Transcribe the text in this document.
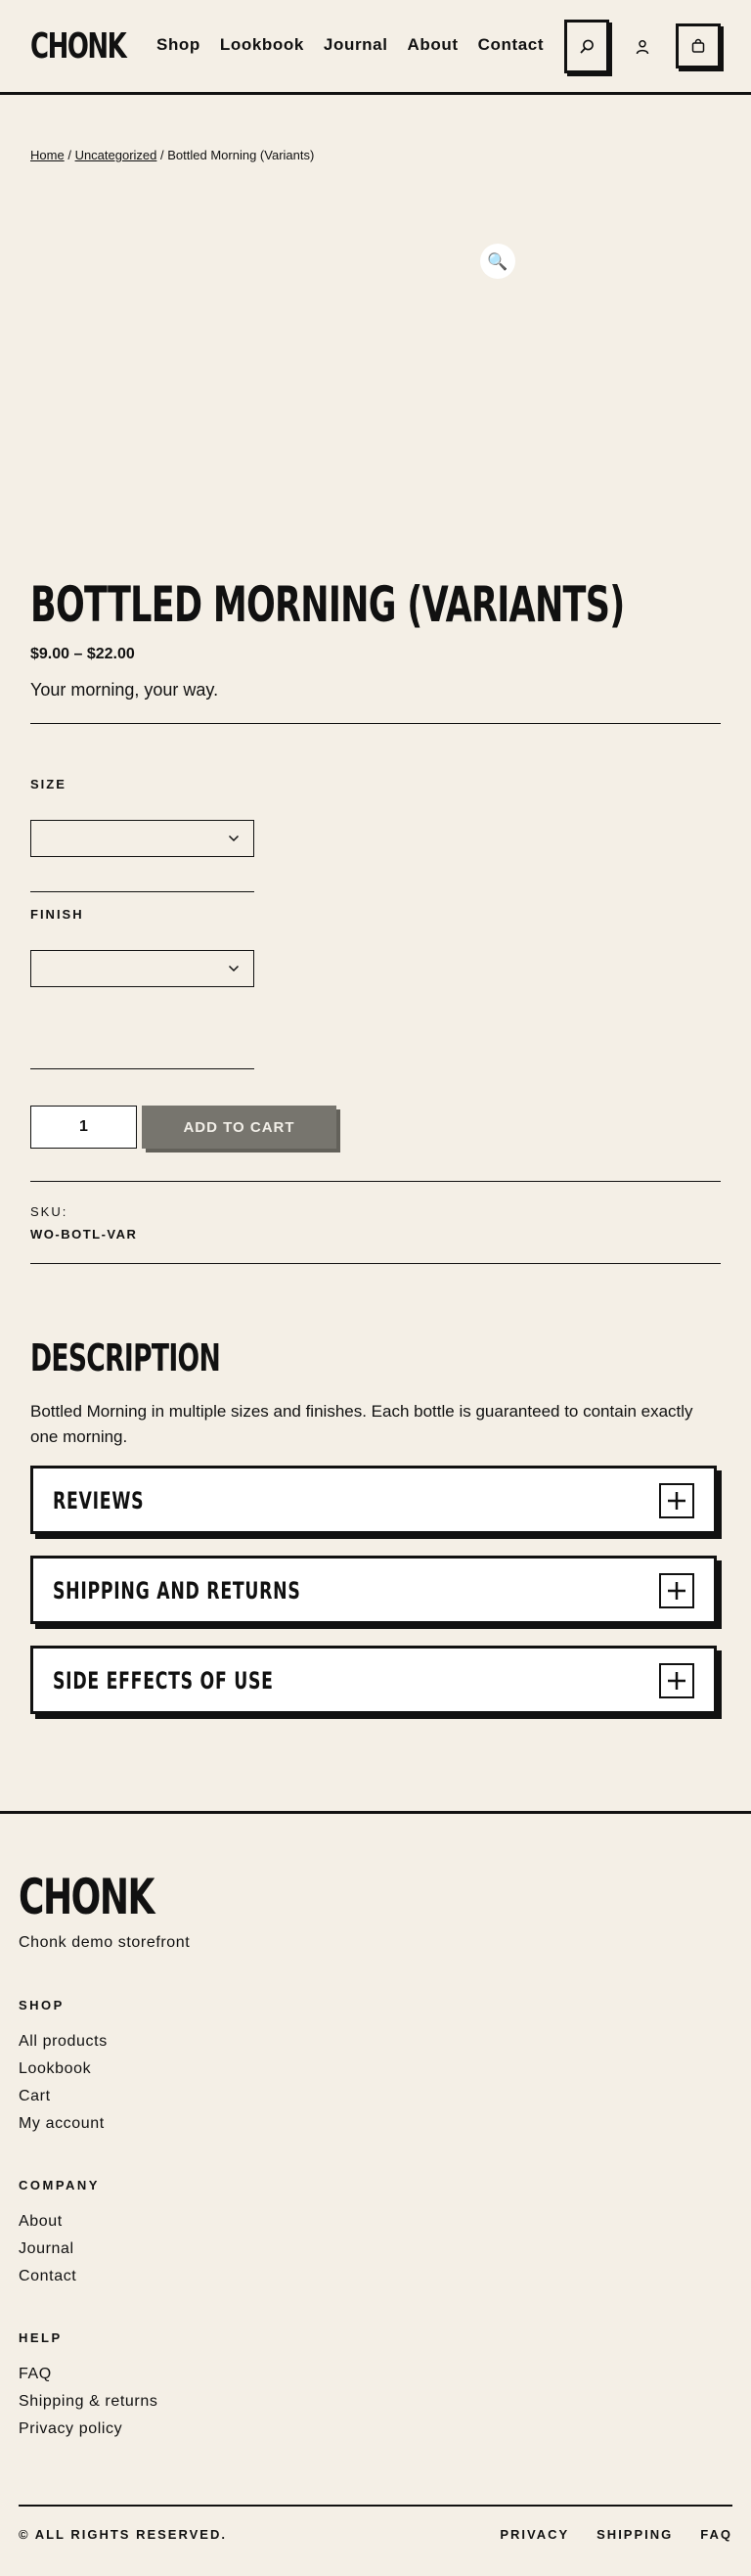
CHONK Shop Lookbook Journal About Contact
Home / Uncategorized / Bottled Morning (Variants)
🔍
BOTTLED MORNING (VARIANTS)
$9.00 – $22.00
Your morning, your way.
SIZE
FINISH
1	ADD TO CART
SKU:
WO-BOTL-VAR
DESCRIPTION

Bottled Morning in multiple sizes and finishes. Each bottle is guaranteed to contain exactly one morning.

REVIEWS
SHIPPING AND RETURNS
SIDE EFFECTS OF USE
CHONK
Chonk demo storefront
SHOP
All products
Lookbook
Cart
My account
COMPANY
About
Journal
Contact
HELP
FAQ
Shipping & returns
Privacy policy
© ALL RIGHTS RESERVED.	PRIVACY SHIPPING FAQ
